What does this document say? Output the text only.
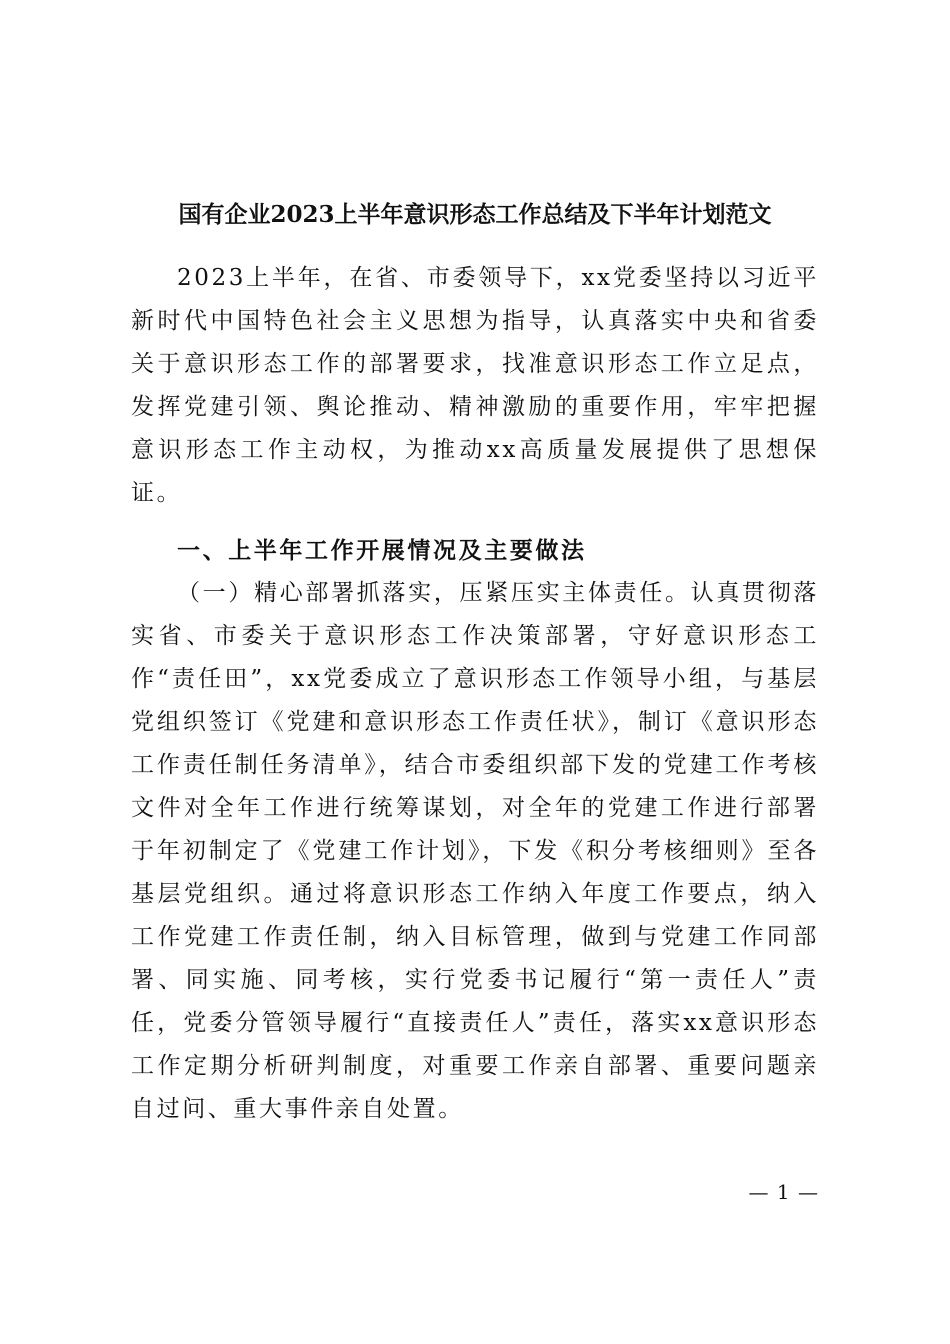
国有企业2023上半年意识形态工作总结及下半年计划范文

2023上半年，在省、市委领导下，xx党委坚持以习近平新时代中国特色社会主义思想为指导，认真落实中央和省委关于意识形态工作的部署要求，找准意识形态工作立足点，发挥党建引领、舆论推动、精神激励的重要作用，牢牢把握意识形态工作主动权，为推动xx高质量发展提供了思想保证。

一、上半年工作开展情况及主要做法

（一）精心部署抓落实，压紧压实主体责任。认真贯彻落实省、市委关于意识形态工作决策部署，守好意识形态工作“责任田”，xx党委成立了意识形态工作领导小组，与基层党组织签订《党建和意识形态工作责任状》，制订《意识形态工作责任制任务清单》，结合市委组织部下发的党建工作考核文件对全年工作进行统筹谋划，对全年的党建工作进行部署于年初制定了《党建工作计划》，下发《积分考核细则》至各基层党组织。通过将意识形态工作纳入年度工作要点，纳入工作党建工作责任制，纳入目标管理，做到与党建工作同部署、同实施、同考核，实行党委书记履行“第一责任人”责任，党委分管领导履行“直接责任人”责任，落实xx意识形态工作定期分析研判制度，对重要工作亲自部署、重要问题亲自过问、重大事件亲自处置。

— 1 —
